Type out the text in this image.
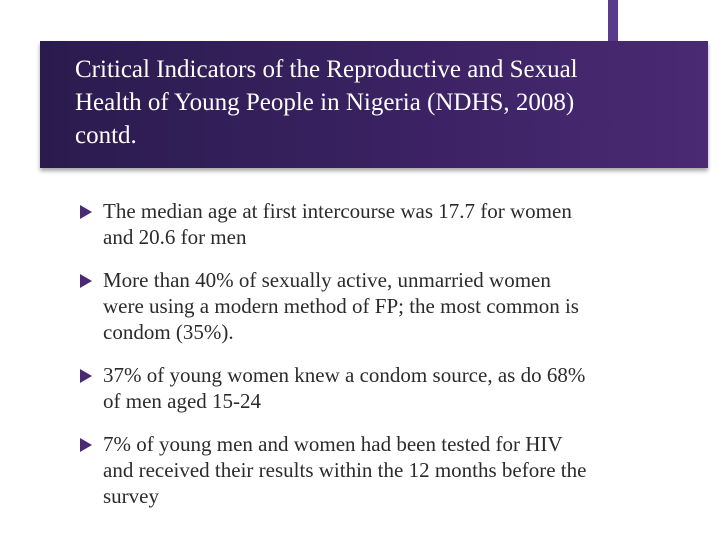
Critical Indicators of the Reproductive and Sexual Health of Young People in Nigeria (NDHS, 2008) contd.
The median age at first intercourse was 17.7 for women and 20.6 for men
More than 40% of sexually active, unmarried women were using a modern method of FP; the most common is condom (35%).
37% of young women knew a condom source, as do 68% of men aged 15-24
7% of young men and women had been tested for HIV and received their results within the 12 months before the survey
